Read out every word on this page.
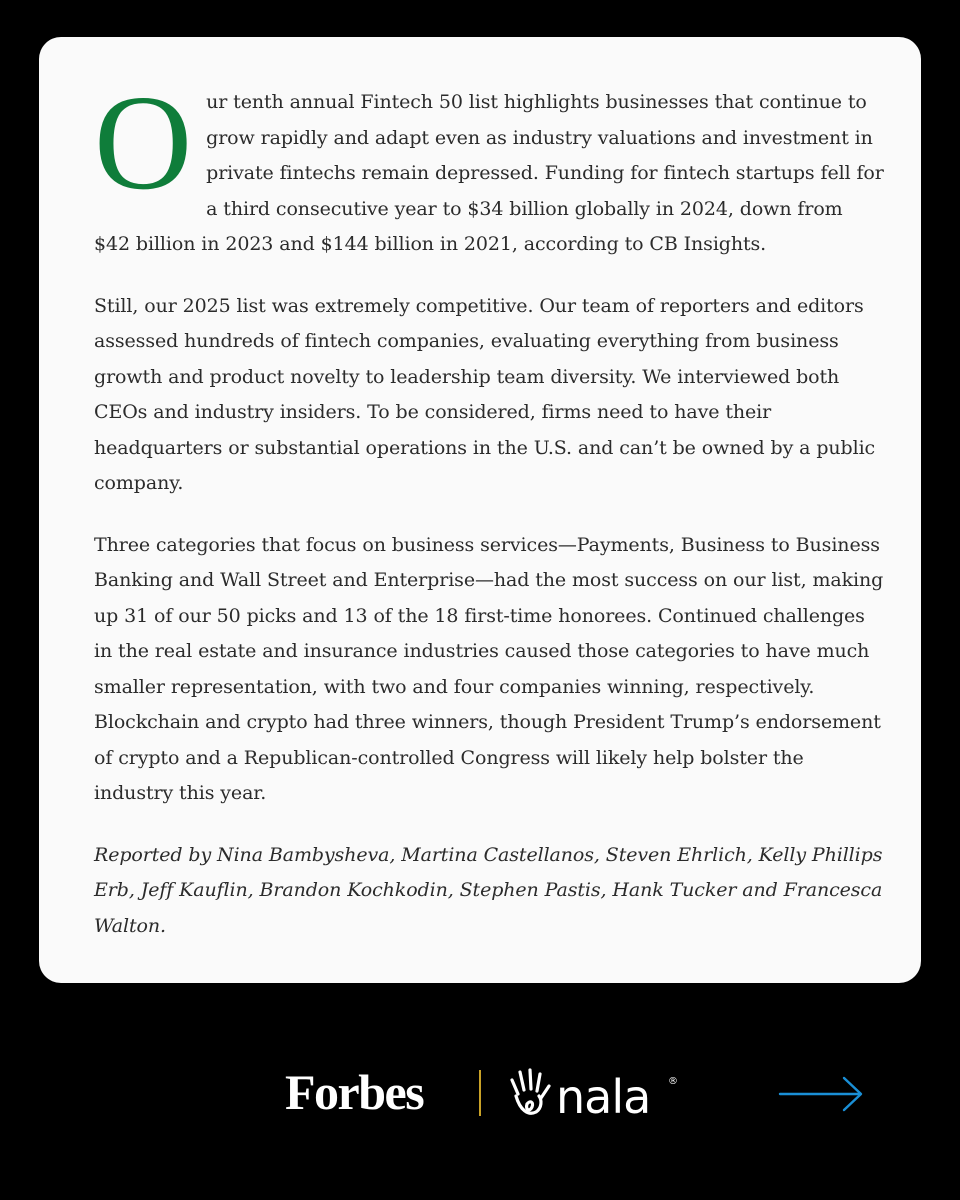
O ur tenth annual Fintech 50 list highlights businesses that continue to grow rapidly and adapt even as industry valuations and investment in private fintechs remain depressed. Funding for fintech startups fell for a third consecutive year to $34 billion globally in 2024, down from $42 billion in 2023 and $144 billion in 2021, according to CB Insights.

Still, our 2025 list was extremely competitive. Our team of reporters and editors assessed hundreds of fintech companies, evaluating everything from business growth and product novelty to leadership team diversity. We interviewed both CEOs and industry insiders. To be considered, firms need to have their headquarters or substantial operations in the U.S. and can’t be owned by a public company.

Three categories that focus on business services—Payments, Business to Business Banking and Wall Street and Enterprise—had the most success on our list, making up 31 of our 50 picks and 13 of the 18 first-time honorees. Continued challenges in the real estate and insurance industries caused those categories to have much smaller representation, with two and four companies winning, respectively. Blockchain and crypto had three winners, though President Trump’s endorsement of crypto and a Republican-controlled Congress will likely help bolster the industry this year.

Reported by Nina Bambysheva, Martina Castellanos, Steven Ehrlich, Kelly Phillips Erb, Jeff Kauflin, Brandon Kochkodin, Stephen Pastis, Hank Tucker and Francesca Walton.

Forbes	nala ®
